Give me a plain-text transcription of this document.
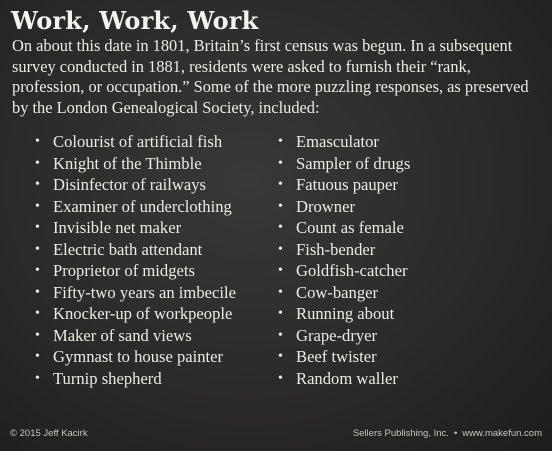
Work, Work, Work
On about this date in 1801, Britain’s first census was begun. In a subsequent
survey conducted in 1881, residents were asked to furnish their “rank,
profession, or occupation.” Some of the more puzzling responses, as preserved
by the London Genealogical Society, included:
• Colourist of artificial fish
• Knight of the Thimble
• Disinfector of railways
• Examiner of underclothing
• Invisible net maker
• Electric bath attendant
• Proprietor of midgets
• Fifty-two years an imbecile
• Knocker-up of workpeople
• Maker of sand views
• Gymnast to house painter
• Turnip shepherd
• Emasculator
• Sampler of drugs
• Fatuous pauper
• Drowner
• Count as female
• Fish-bender
• Goldfish-catcher
• Cow-banger
• Running about
• Grape-dryer
• Beef twister
• Random waller
© 2015 Jeff Kacirk	Sellers Publishing, Inc. • www.makefun.com
